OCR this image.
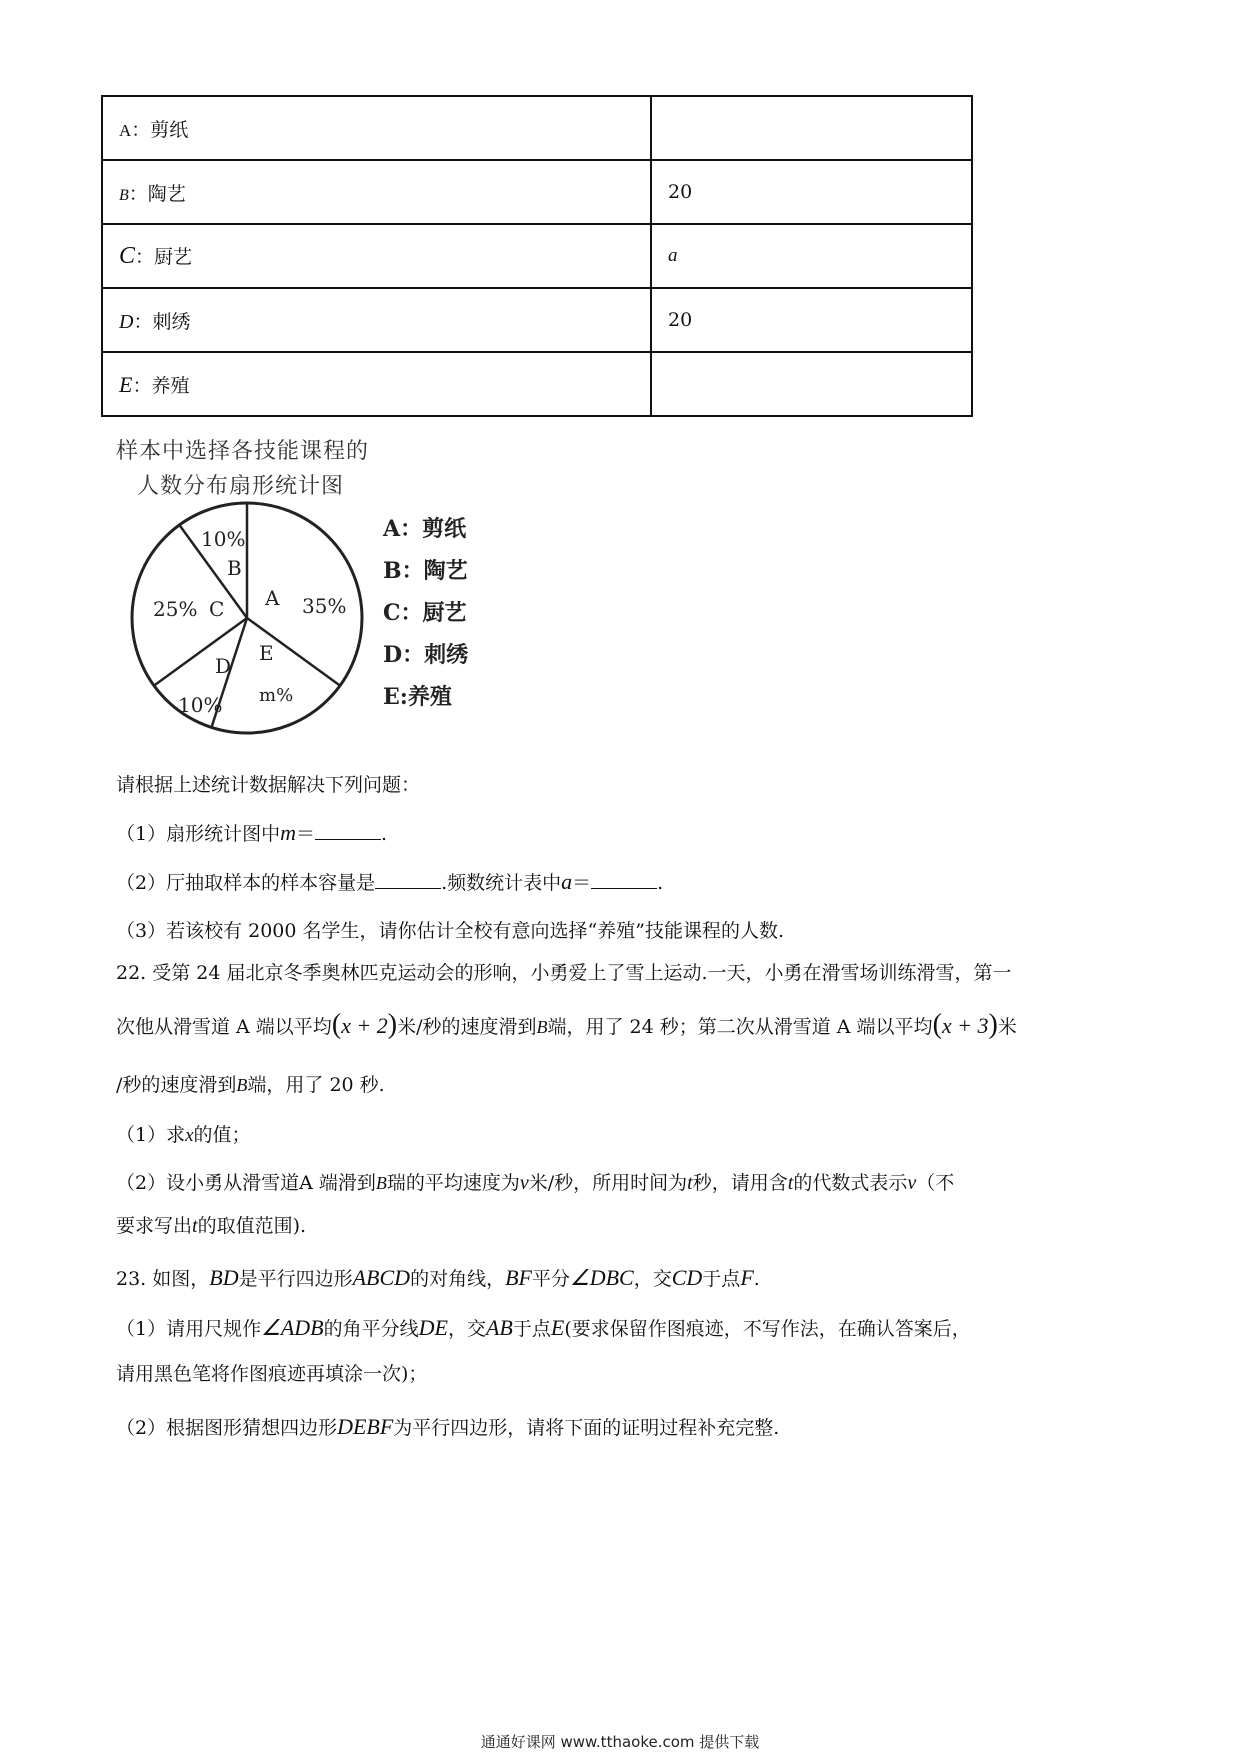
A：剪纸	
B：陶艺	20
C：厨艺	a
D：刺绣	20
E：养殖	
样本中选择各技能课程的
人数分布扇形统计图
A
B
C
D
E
35%
10%
25%
10% m%
A：剪纸
B：陶艺
C：厨艺
D：刺绣
E:养殖
请根据上述统计数据解决下列问题：
（1）扇形统计图中m＝	.
（2）厅抽取样本的样本容量是	.频数统计表中a＝	.
（3）若该校有 2000 名学生，请你估计全校有意向选择“养殖”技能课程的人数.
22. 受第 24 届北京冬季奥林匹克运动会的形响，小勇爱上了雪上运动.一天，小勇在滑雪场训练滑雪，第一
次他从滑雪道 A 端以平均(x + 2)米/秒的速度滑到B端，用了 24 秒；第二次从滑雪道 A 端以平均(x + 3)米
/秒的速度滑到B端，用了 20 秒.
（1）求x的值；
（2）设小勇从滑雪道A 端滑到B瑞的平均速度为v米/秒，所用时间为t秒，请用含t的代数式表示v（不
要求写出t的取值范围).
23. 如图，BD是平行四边形ABCD的对角线，BF平分∠DBC，交CD于点F.
（1）请用尺规作∠ADB的角平分线DE，交AB于点E(要求保留作图痕迹，不写作法，在确认答案后，
请用黑色笔将作图痕迹再填涂一次)；
（2）根据图形猜想四边形DEBF为平行四边形，请将下面的证明过程补充完整.
通通好课网 www.tthaoke.com 提供下载
